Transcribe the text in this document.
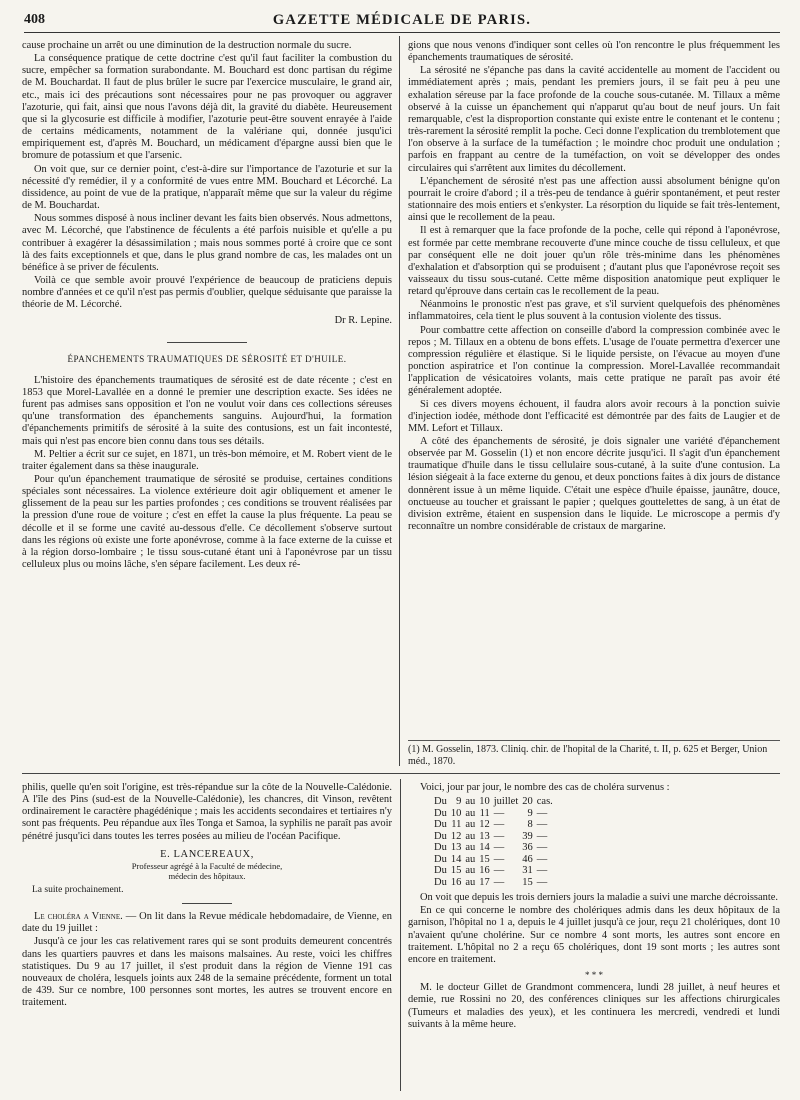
408	GAZETTE MÉDICALE DE PARIS.

cause prochaine un arrêt ou une diminution de la destruction normale du sucre.

La conséquence pratique de cette doctrine c'est qu'il faut faciliter la combustion du sucre, empêcher sa formation surabondante. M. Bouchard est donc partisan du régime de M. Bouchardat. Il faut de plus brûler le sucre par l'exercice musculaire, le grand air, etc., mais ici des précautions sont nécessaires pour ne pas provoquer ou aggraver l'azoturie, qui fait, ainsi que nous l'avons déjà dit, la gravité du diabète. Heureusement que si la glycosurie est difficile à modifier, l'azoturie peut-être souvent enrayée à l'aide de certains médicaments, notamment de la valériane qui, donnée jusqu'ici empiriquement est, d'après M. Bouchard, un médicament d'épargne aussi bien que le bromure de potassium et que l'arsenic.

On voit que, sur ce dernier point, c'est-à-dire sur l'importance de l'azoturie et sur la nécessité d'y remédier, il y a conformité de vues entre MM. Bouchard et Lécorché. La dissidence, au point de vue de la pratique, n'apparaît même que sur la valeur du régime de M. Bouchardat.

Nous sommes disposé à nous incliner devant les faits bien observés. Nous admettons, avec M. Lécorché, que l'abstinence de féculents a été parfois nuisible et qu'elle a pu contribuer à exagérer la désassimilation ; mais nous sommes porté à croire que ce sont là des faits exceptionnels et que, dans le plus grand nombre de cas, les malades ont un bénéfice à se priver de féculents.

Voilà ce que semble avoir prouvé l'expérience de beaucoup de praticiens depuis nombre d'années et ce qu'il n'est pas permis d'oublier, quelque séduisante que paraisse la théorie de M. Lécorché.

Dr R. Lepine.
ÉPANCHEMENTS TRAUMATIQUES DE SÉROSITÉ ET D'HUILE.

L'histoire des épanchements traumatiques de sérosité est de date récente ; c'est en 1853 que Morel-Lavallée en a donné le premier une description exacte. Ses idées ne furent pas admises sans opposition et l'on ne voulut voir dans ces collections séreuses qu'une transformation des épanchements sanguins. Aujourd'hui, la formation d'épanchements primitifs de sérosité à la suite des contusions, est un fait incontesté, mais qui n'est pas encore bien connu dans tous ses détails.

M. Peltier a écrit sur ce sujet, en 1871, un très-bon mémoire, et M. Robert vient de le traiter également dans sa thèse inaugurale.

Pour qu'un épanchement traumatique de sérosité se produise, certaines conditions spéciales sont nécessaires. La violence extérieure doit agir obliquement et amener le glissement de la peau sur les parties profondes ; ces conditions se trouvent réalisées par la pression d'une roue de voiture ; c'est en effet la cause la plus fréquente. La peau se décolle et il se forme une cavité au-dessous d'elle. Ce décollement s'observe surtout dans les régions où existe une forte aponévrose, comme à la face externe de la cuisse et à la région dorso-lombaire ; le tissu sous-cutané étant uni à l'aponévrose par un tissu celluleux plus ou moins lâche, s'en sépare facilement. Les deux ré-

gions que nous venons d'indiquer sont celles où l'on rencontre le plus fréquemment les épanchements traumatiques de sérosité.

La sérosité ne s'épanche pas dans la cavité accidentelle au moment de l'accident ou immédiatement après ; mais, pendant les premiers jours, il se fait peu à peu une exhalation séreuse par la face profonde de la couche sous-cutanée. M. Tillaux a même observé à la cuisse un épanchement qui n'apparut qu'au bout de neuf jours. Un fait remarquable, c'est la disproportion constante qui existe entre le contenant et le contenu ; très-rarement la sérosité remplit la poche. Ceci donne l'explication du tremblotement que l'on observe à la surface de la tuméfaction ; le moindre choc produit une ondulation ; parfois en frappant au centre de la tuméfaction, on voit se développer des ondes circulaires qui s'arrêtent aux limites du décollement.

L'épanchement de sérosité n'est pas une affection aussi absolument bénigne qu'on pourrait le croire d'abord ; il a très-peu de tendance à guérir spontanément, et peut rester stationnaire des mois entiers et s'enkyster. La résorption du liquide se fait très-lentement, ainsi que le recollement de la peau.

Il est à remarquer que la face profonde de la poche, celle qui répond à l'aponévrose, est formée par cette membrane recouverte d'une mince couche de tissu celluleux, et que par conséquent elle ne doit jouer qu'un rôle très-minime dans les phénomènes d'exhalation et d'absorption qui se produisent ; d'autant plus que l'aponévrose reçoit ses vaisseaux du tissu sous-cutané. Cette même disposition anatomique peut expliquer le retard qu'éprouve dans certain cas le recollement de la peau.

Néanmoins le pronostic n'est pas grave, et s'il survient quelquefois des phénomènes inflammatoires, cela tient le plus souvent à la contusion violente des tissus.

Pour combattre cette affection on conseille d'abord la compression combinée avec le repos ; M. Tillaux en a obtenu de bons effets. L'usage de l'ouate permettra d'exercer une compression régulière et élastique. Si le liquide persiste, on l'évacue au moyen d'une ponction aspiratrice et l'on continue la compression. Morel-Lavallée recommandait l'application de vésicatoires volants, mais cette pratique ne paraît pas avoir été généralement adoptée.

Si ces divers moyens échouent, il faudra alors avoir recours à la ponction suivie d'injection iodée, méthode dont l'efficacité est démontrée par des faits de Laugier et de MM. Lefort et Tillaux.

A côté des épanchements de sérosité, je dois signaler une variété d'épanchement observée par M. Gosselin (1) et non encore décrite jusqu'ici. Il s'agit d'un épanchement traumatique d'huile dans le tissu cellulaire sous-cutané, à la suite d'une contusion. La lésion siégeait à la face externe du genou, et deux ponctions faites à dix jours de distance donnèrent issue à un même liquide. C'était une espèce d'huile épaisse, jaunâtre, douce, onctueuse au toucher et graissant le papier ; quelques gouttelettes de sang, à un état de division extrême, étaient en suspension dans le liquide. Le microscope a permis d'y reconnaître un nombre considérable de cristaux de margarine.

(1) M. Gosselin, 1873. Cliniq. chir. de l'hopital de la Charité, t. II, p. 625 et Berger, Union méd., 1870.

philis, quelle qu'en soit l'origine, est très-répandue sur la côte de la Nouvelle-Calédonie. A l'île des Pins (sud-est de la Nouvelle-Calédonie), les chancres, dit Vinson, revêtent ordinairement le caractère phagédénique ; mais les accidents secondaires et tertiaires n'y sont pas fréquents. Peu répandue aux îles Tonga et Samoa, la syphilis ne paraît pas avoir pénétré jusqu'ici dans toutes les terres posées au milieu de l'océan Pacifique.

E. LANCEREAUX,
Professeur agrégé à la Faculté de médecine,
médecin des hôpitaux.
La suite prochainement.

Le choléra a Vienne. — On lit dans la Revue médicale hebdomadaire, de Vienne, en date du 19 juillet :

Jusqu'à ce jour les cas relativement rares qui se sont produits demeurent concentrés dans les quartiers pauvres et dans les maisons malsaines. Au reste, voici les chiffres statistiques. Du 9 au 17 juillet, il s'est produit dans la région de Vienne 191 cas nouveaux de choléra, lesquels joints aux 248 de la semaine précédente, forment un total de 439. Sur ce nombre, 100 personnes sont mortes, les autres se trouvent encore en traitement.

Voici, jour par jour, le nombre des cas de choléra survenus :

Du	9	au	10	juillet	20	cas.
Du	10	au	11	—	9	—
Du	11	au	12	—	8	—
Du	12	au	13	—	39	—
Du	13	au	14	—	36	—
Du	14	au	15	—	46	—
Du	15	au	16	—	31	—
Du	16	au	17	—	15	—

On voit que depuis les trois derniers jours la maladie a suivi une marche décroissante.

En ce qui concerne le nombre des cholériques admis dans les deux hôpitaux de la garnison, l'hôpital no 1 a, depuis le 4 juillet jusqu'à ce jour, reçu 21 cholériques, dont 10 n'avaient qu'une cholérine. Sur ce nombre 4 sont morts, les autres sont encore en traitement. L'hôpital no 2 a reçu 65 cholériques, dont 19 sont morts ; les autres sont encore en traitement.

* * *

M. le docteur Gillet de Grandmont commencera, lundi 28 juillet, à neuf heures et demie, rue Rossini no 20, des conférences cliniques sur les affections chirurgicales (Tumeurs et maladies des yeux), et les continuera les mercredi, vendredi et lundi suivants à la même heure.
